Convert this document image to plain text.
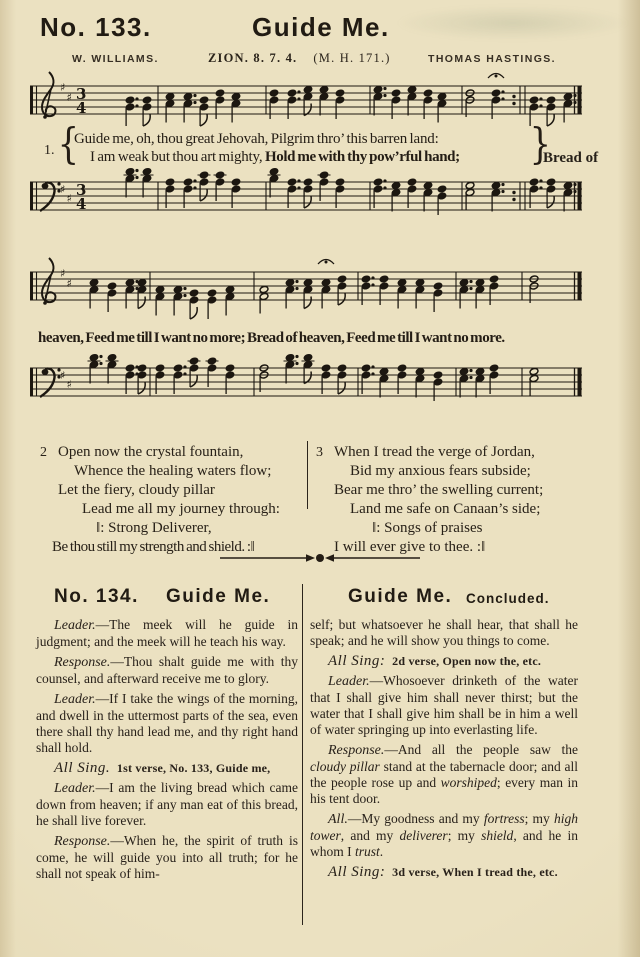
No. 133.	Guide Me.
W. WILLIAMS.	ZION. 8. 7. 4. (M. H. 171.)	THOMAS HASTINGS.
♯
♯ 3
4
♯
♯ 3
4
♯
♯
♯
♯
1. {
Guide me, oh, thou great Jehovah, Pilgrim thro’ this barren land:
I am weak but thou art mighty, Hold me with thy pow’rful hand; }
Bread of
heaven, Feed me till I want no more; Bread of heaven, Feed me till I want no more.
2 Open now the crystal fountain,
Whence the healing waters flow;
Let the fiery, cloudy pillar
Lead me all my journey through:
‖: Strong Deliverer,
Be thou still my strength and shield. :‖
3 When I tread the verge of Jordan,
Bid my anxious fears subside;
Bear me thro’ the swelling current;
Land me safe on Canaan’s side;
‖: Songs of praises
I will ever give to thee. :‖
No. 134. Guide Me.	Guide Me. Concluded.

Leader.—The meek will he guide in judgment; and the meek will he teach his way.

Response.—Thou shalt guide me with thy counsel, and afterward receive me to glory.

Leader.—If I take the wings of the morning, and dwell in the uttermost parts of the sea, even there shall thy hand lead me, and thy right hand shall hold.

All Sing. 1st verse, No. 133, Guide me,

Leader.—I am the living bread which came down from heaven; if any man eat of this bread, he shall live forever.

Response.—When he, the spirit of truth is come, he will guide you into all truth; for he shall not speak of him-

self; but whatsoever he shall hear, that shall he speak; and he will show you things to come.

All Sing: 2d verse, Open now the, etc.

Leader.—Whosoever drinketh of the water that I shall give him shall never thirst; but the water that I shall give him shall be in him a well of water springing up into everlasting life.

Response.—And all the people saw the cloudy pillar stand at the tabernacle door; and all the people rose up and worshiped; every man in his tent door.

All.—My goodness and my fortress; my high tower, and my deliverer; my shield, and he in whom I trust.

All Sing: 3d verse, When I tread the, etc.
